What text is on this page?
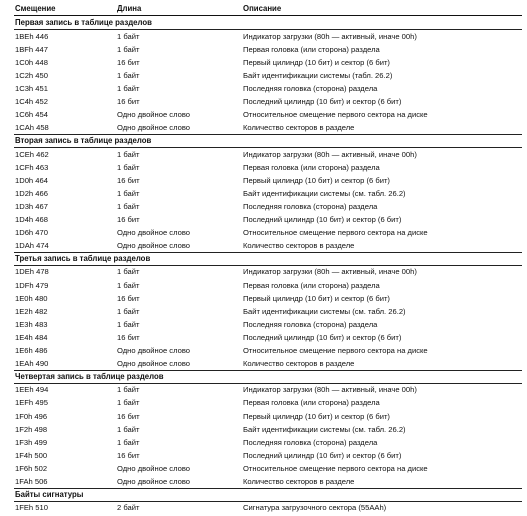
Смещение	Длина	Описание
Первая запись в таблице разделов
1BEh 446	1 байт	Индикатор загрузки (80h — активный, иначе 00h)
1BFh 447	1 байт	Первая головка (или сторона) раздела
1C0h 448	16 бит	Первый цилиндр (10 бит) и сектор (6 бит)
1C2h 450	1 байт	Байт идентификации системы (табл. 26.2)
1C3h 451	1 байт	Последняя головка (сторона) раздела
1C4h 452	16 бит	Последний цилиндр (10 бит) и сектор (6 бит)
1C6h 454	Одно двойное слово	Относительное смещение первого сектора на диске
1CAh 458	Одно двойное слово	Количество секторов в разделе
Вторая запись в таблице разделов
1CEh 462	1 байт	Индикатор загрузки (80h — активный, иначе 00h)
1CFh 463	1 байт	Первая головка (или сторона) раздела
1D0h 464	16 бит	Первый цилиндр (10 бит) и сектор (6 бит)
1D2h 466	1 байт	Байт идентификации системы (см. табл. 26.2)
1D3h 467	1 байт	Последняя головка (сторона) раздела
1D4h 468	16 бит	Последний цилиндр (10 бит) и сектор (6 бит)
1D6h 470	Одно двойное слово	Относительное смещение первого сектора на диске
1DAh 474	Одно двойное слово	Количество секторов в разделе
Третья запись в таблице разделов
1DEh 478	1 байт	Индикатор загрузки (80h — активный, иначе 00h)
1DFh 479	1 байт	Первая головка (или сторона) раздела
1E0h 480	16 бит	Первый цилиндр (10 бит) и сектор (6 бит)
1E2h 482	1 байт	Байт идентификации системы (см. табл. 26.2)
1E3h 483	1 байт	Последняя головка (сторона) раздела
1E4h 484	16 бит	Последний цилиндр (10 бит) и сектор (6 бит)
1E6h 486	Одно двойное слово	Относительное смещение первого сектора на диске
1EAh 490	Одно двойное слово	Количество секторов в разделе
Четвертая запись в таблице разделов
1EEh 494	1 байт	Индикатор загрузки (80h — активный, иначе 00h)
1EFh 495	1 байт	Первая головка (или сторона) раздела
1F0h 496	16 бит	Первый цилиндр (10 бит) и сектор (6 бит)
1F2h 498	1 байт	Байт идентификации системы (см. табл. 26.2)
1F3h 499	1 байт	Последняя головка (сторона) раздела
1F4h 500	16 бит	Последний цилиндр (10 бит) и сектор (6 бит)
1F6h 502	Одно двойное слово	Относительное смещение первого сектора на диске
1FAh 506	Одно двойное слово	Количество секторов в разделе
Байты сигнатуры
1FEh 510	2 байт	Сигнатура загрузочного сектора (55AAh)
